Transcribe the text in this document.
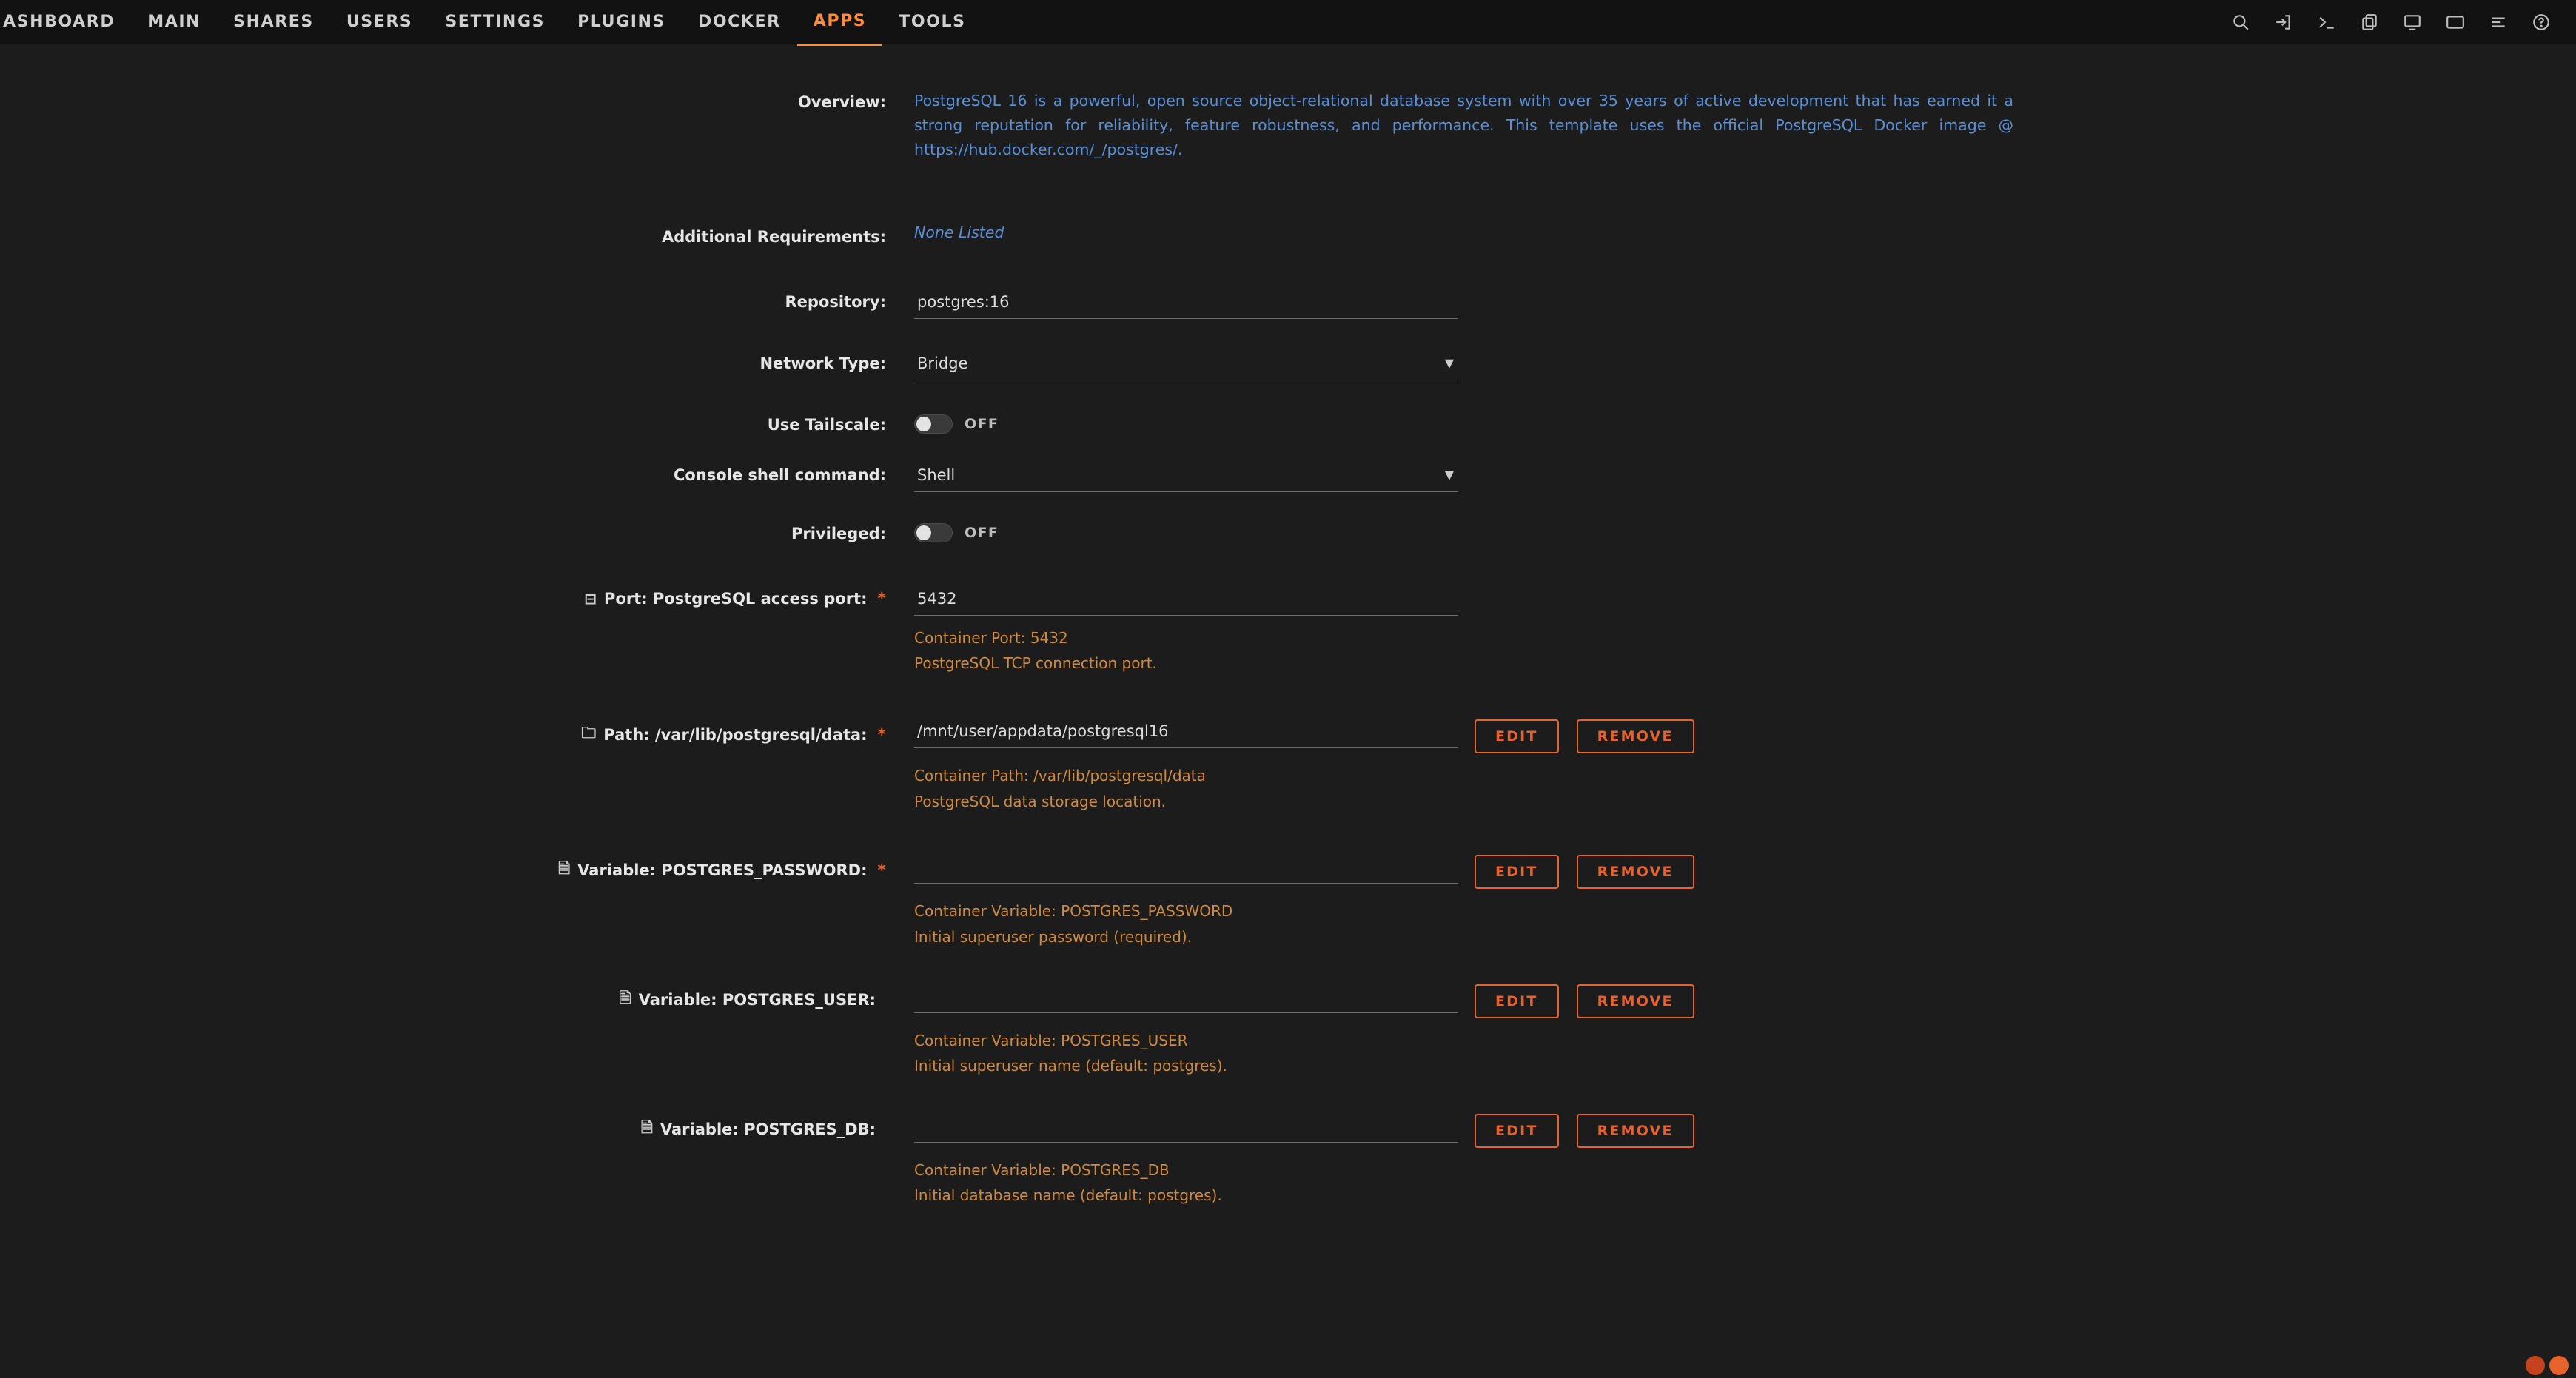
ASHBOARD	MAIN	SHARES	USERS	SETTINGS	PLUGINS	DOCKER	APPS	TOOLS
Overview:	PostgreSQL 16 is a powerful, open source object-relational database system with over 35 years of active development that has earned it a strong reputation for reliability, feature robustness, and performance. This template uses the official PostgreSQL Docker image @ https://hub.docker.com/_/postgres/.
Additional Requirements:	None Listed
Repository:
postgres:16
Network Type:
Bridge	▼
Use Tailscale:	OFF
Console shell command:
Shell	▼
Privileged:	OFF
⊟ Port: PostgreSQL access port: *
5432
Container Port: 5432
PostgreSQL TCP connection port.
🗀 Path: /var/lib/postgresql/data: *
/mnt/user/appdata/postgresql16	EDIT	REMOVE
Container Path: /var/lib/postgresql/data
PostgreSQL data storage location.
🗎 Variable: POSTGRES_PASSWORD: *	EDIT	REMOVE
Container Variable: POSTGRES_PASSWORD
Initial superuser password (required).
🗎 Variable: POSTGRES_USER:	EDIT	REMOVE
Container Variable: POSTGRES_USER
Initial superuser name (default: postgres).
🗎 Variable: POSTGRES_DB:	EDIT	REMOVE
Container Variable: POSTGRES_DB
Initial database name (default: postgres).
